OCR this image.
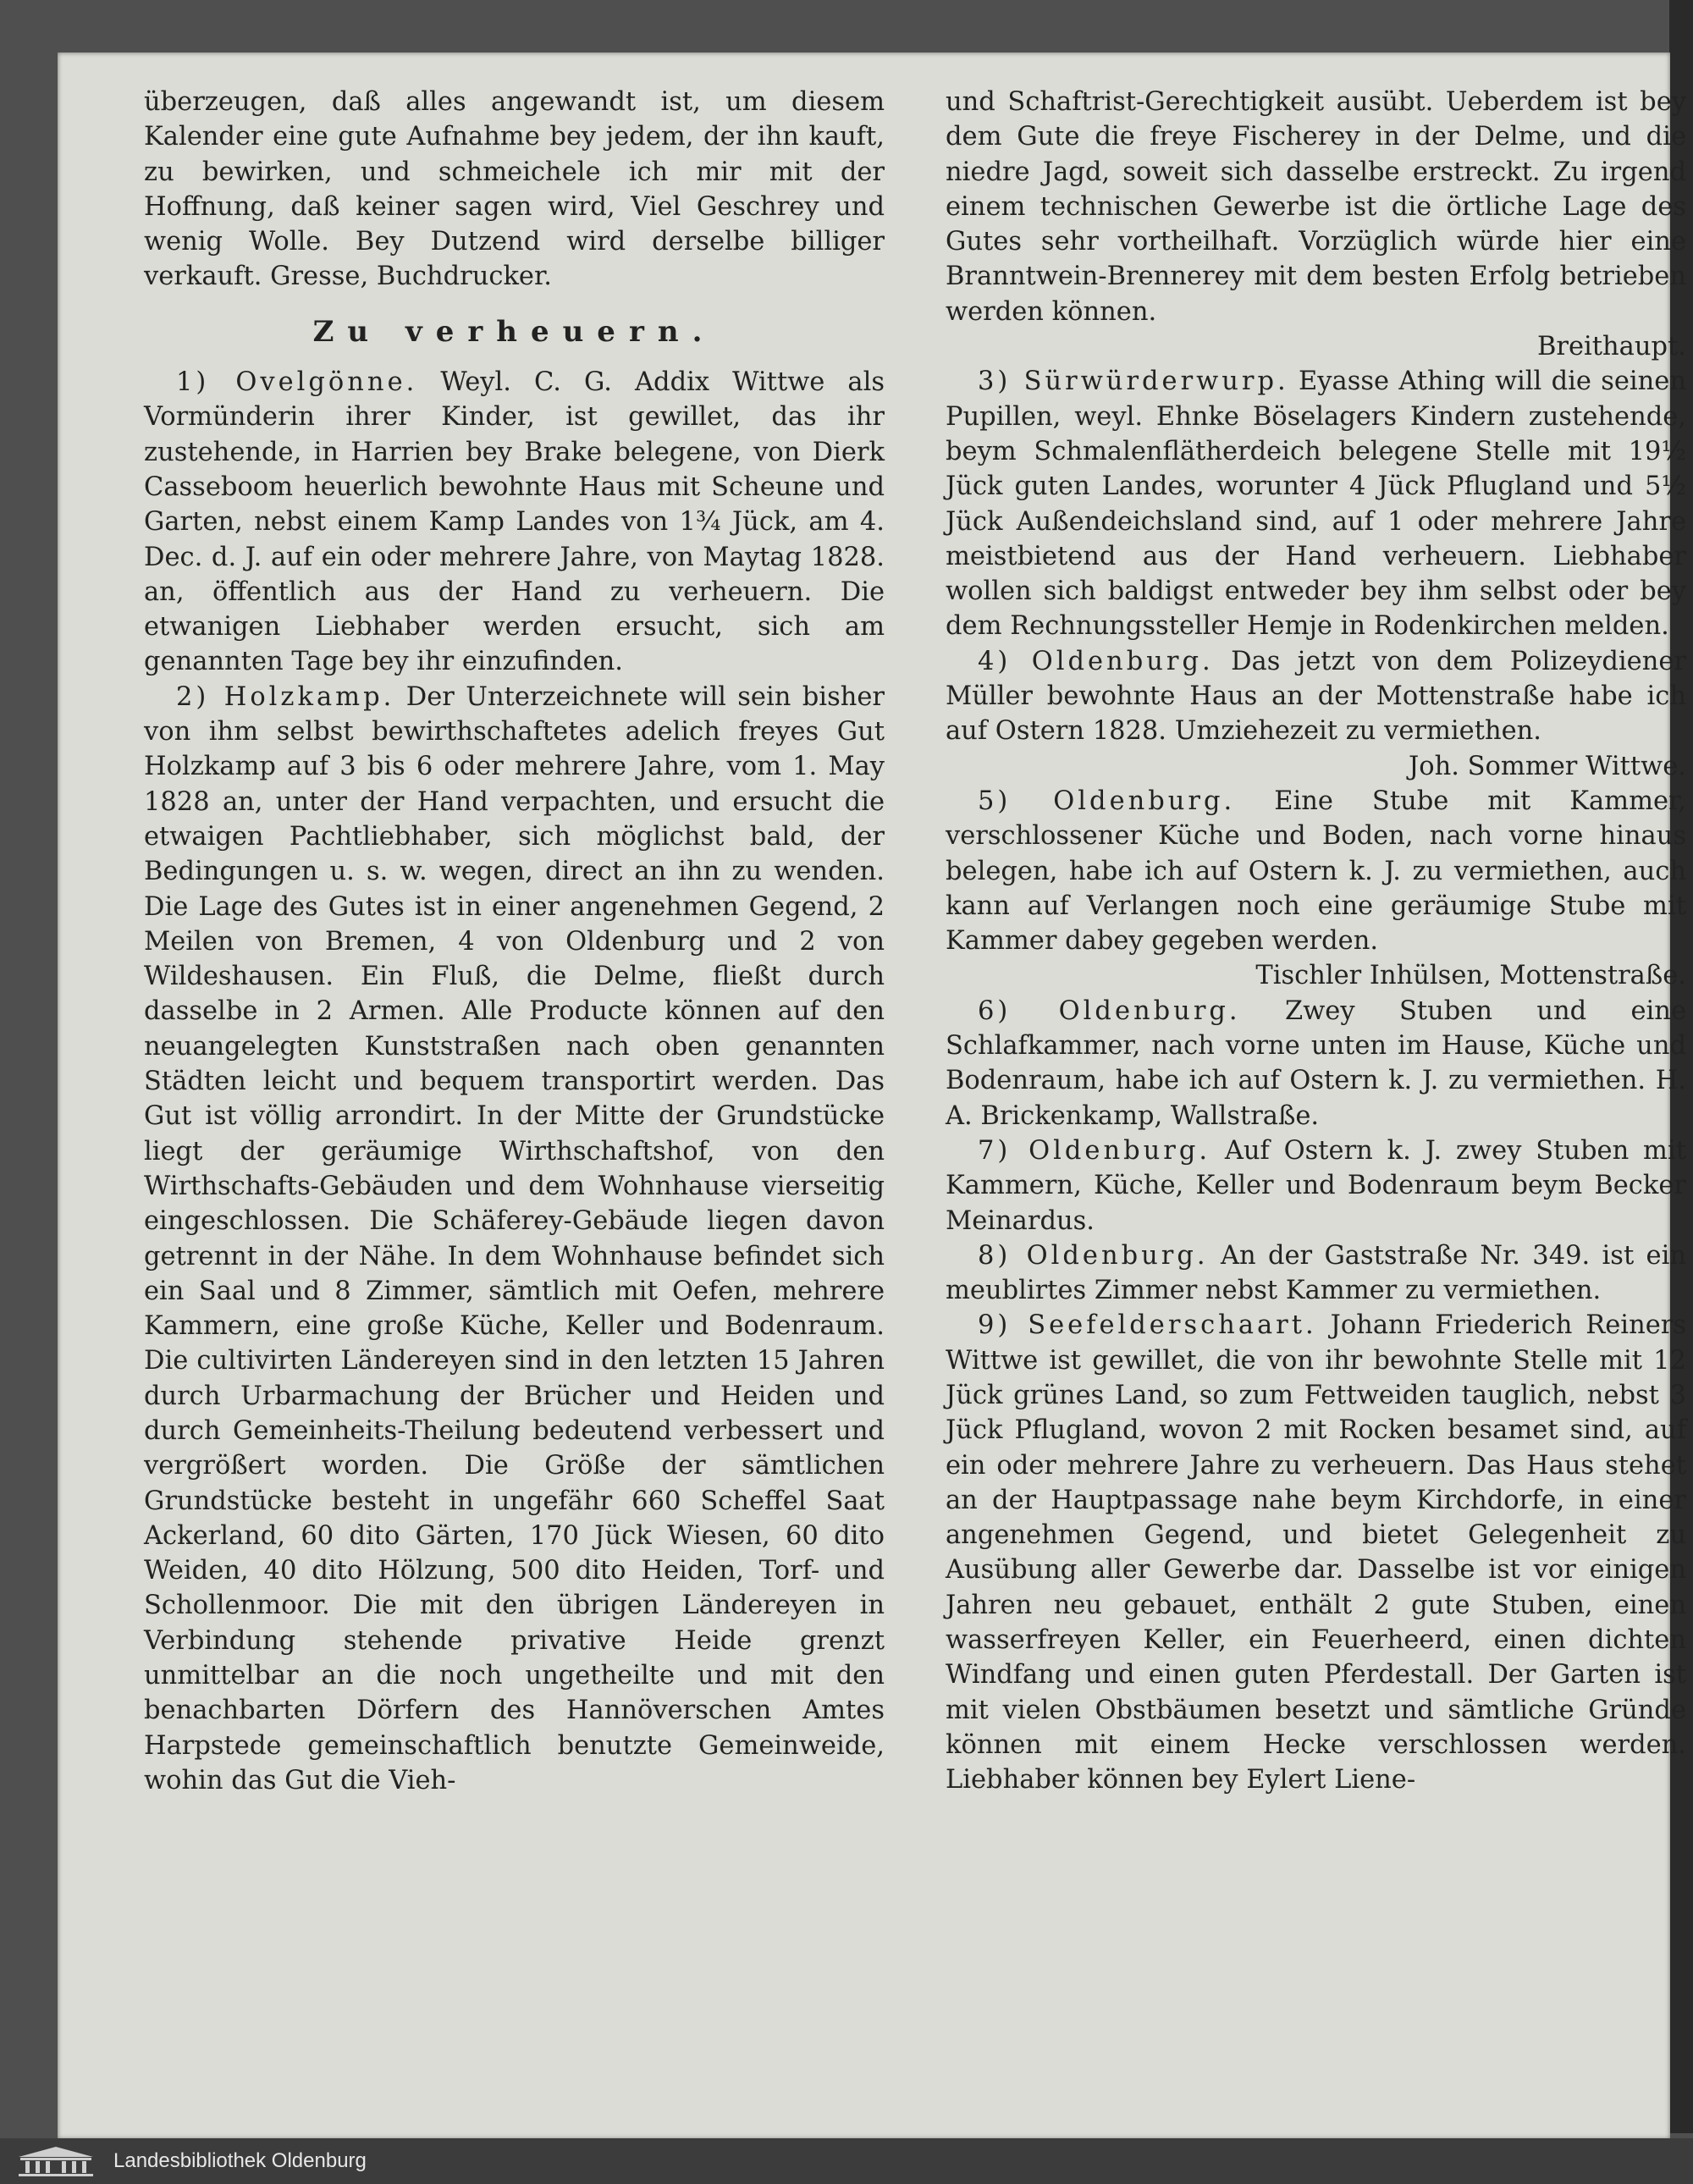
überzeugen, daß alles angewandt ist, um diesem Kalender eine gute Aufnahme bey jedem, der ihn kauft, zu bewirken, und schmeichele ich mir mit der Hoffnung, daß keiner sagen wird, Viel Geschrey und wenig Wolle. Bey Dutzend wird derselbe billiger verkauft. Gresse, Buchdrucker.

Zu verheuern.

1) Ovelgönne. Weyl. C. G. Addix Wittwe als Vormünderin ihrer Kinder, ist gewillet, das ihr zustehende, in Harrien bey Brake belegene, von Dierk Casseboom heuerlich bewohnte Haus mit Scheune und Garten, nebst einem Kamp Landes von 1¾ Jück, am 4. Dec. d. J. auf ein oder mehrere Jahre, von Maytag 1828. an, öffentlich aus der Hand zu verheuern. Die etwanigen Liebhaber werden ersucht, sich am genannten Tage bey ihr einzufinden.

2) Holzkamp. Der Unterzeichnete will sein bisher von ihm selbst bewirthschaftetes adelich freyes Gut Holzkamp auf 3 bis 6 oder mehrere Jahre, vom 1. May 1828 an, unter der Hand verpachten, und ersucht die etwaigen Pachtliebhaber, sich möglichst bald, der Bedingungen u. s. w. wegen, direct an ihn zu wenden. Die Lage des Gutes ist in einer angenehmen Gegend, 2 Meilen von Bremen, 4 von Oldenburg und 2 von Wildeshausen. Ein Fluß, die Delme, fließt durch dasselbe in 2 Armen. Alle Producte können auf den neuangelegten Kunststraßen nach oben genannten Städten leicht und bequem transportirt werden. Das Gut ist völlig arrondirt. In der Mitte der Grundstücke liegt der geräumige Wirthschaftshof, von den Wirthschafts-Gebäuden und dem Wohnhause vierseitig eingeschlossen. Die Schäferey-Gebäude liegen davon getrennt in der Nähe. In dem Wohnhause befindet sich ein Saal und 8 Zimmer, sämtlich mit Oefen, mehrere Kammern, eine große Küche, Keller und Bodenraum. Die cultivirten Ländereyen sind in den letzten 15 Jahren durch Urbarmachung der Brücher und Heiden und durch Gemeinheits-Theilung bedeutend verbessert und vergrößert worden. Die Größe der sämtlichen Grundstücke besteht in ungefähr 660 Scheffel Saat Ackerland, 60 dito Gärten, 170 Jück Wiesen, 60 dito Weiden, 40 dito Hölzung, 500 dito Heiden, Torf- und Schollenmoor. Die mit den übrigen Ländereyen in Verbindung stehende privative Heide grenzt unmittelbar an die noch ungetheilte und mit den benachbarten Dörfern des Hannöverschen Amtes Harpstede gemeinschaftlich benutzte Gemeinweide, wohin das Gut die Vieh-

und Schaftrist-Gerechtigkeit ausübt. Ueberdem ist bey dem Gute die freye Fischerey in der Delme, und die niedre Jagd, soweit sich dasselbe erstreckt. Zu irgend einem technischen Gewerbe ist die örtliche Lage des Gutes sehr vortheilhaft. Vorzüglich würde hier eine Branntwein-Brennerey mit dem besten Erfolg betrieben werden können.

Breithaupt.

3) Sürwürderwurp. Eyasse Athing will die seinen Pupillen, weyl. Ehnke Böselagers Kindern zustehende, beym Schmalenflätherdeich belegene Stelle mit 19½ Jück guten Landes, worunter 4 Jück Pflugland und 5½ Jück Außendeichsland sind, auf 1 oder mehrere Jahre meistbietend aus der Hand verheuern. Liebhaber wollen sich baldigst entweder bey ihm selbst oder bey dem Rechnungssteller Hemje in Rodenkirchen melden.

4) Oldenburg. Das jetzt von dem Polizeydiener Müller bewohnte Haus an der Mottenstraße habe ich auf Ostern 1828. Umziehezeit zu vermiethen.

Joh. Sommer Wittwe.

5) Oldenburg. Eine Stube mit Kammer, verschlossener Küche und Boden, nach vorne hinaus belegen, habe ich auf Ostern k. J. zu vermiethen, auch kann auf Verlangen noch eine geräumige Stube mit Kammer dabey gegeben werden.

Tischler Inhülsen, Mottenstraße.

6) Oldenburg. Zwey Stuben und eine Schlafkammer, nach vorne unten im Hause, Küche und Bodenraum, habe ich auf Ostern k. J. zu vermiethen. H. A. Brickenkamp, Wallstraße.

7) Oldenburg. Auf Ostern k. J. zwey Stuben mit Kammern, Küche, Keller und Bodenraum beym Becker Meinardus.

8) Oldenburg. An der Gaststraße Nr. 349. ist ein meublirtes Zimmer nebst Kammer zu vermiethen.

9) Seefelderschaart. Johann Friederich Reiners Wittwe ist gewillet, die von ihr bewohnte Stelle mit 12 Jück grünes Land, so zum Fettweiden tauglich, nebst 3 Jück Pflugland, wovon 2 mit Rocken besamet sind, auf ein oder mehrere Jahre zu verheuern. Das Haus stehet an der Hauptpassage nahe beym Kirchdorfe, in einer angenehmen Gegend, und bietet Gelegenheit zu Ausübung aller Gewerbe dar. Dasselbe ist vor einigen Jahren neu gebauet, enthält 2 gute Stuben, einen wasserfreyen Keller, ein Feuerheerd, einen dichten Windfang und einen guten Pferdestall. Der Garten ist mit vielen Obstbäumen besetzt und sämtliche Gründe können mit einem Hecke verschlossen werden. Liebhaber können bey Eylert Liene-

Landesbibliothek Oldenburg
